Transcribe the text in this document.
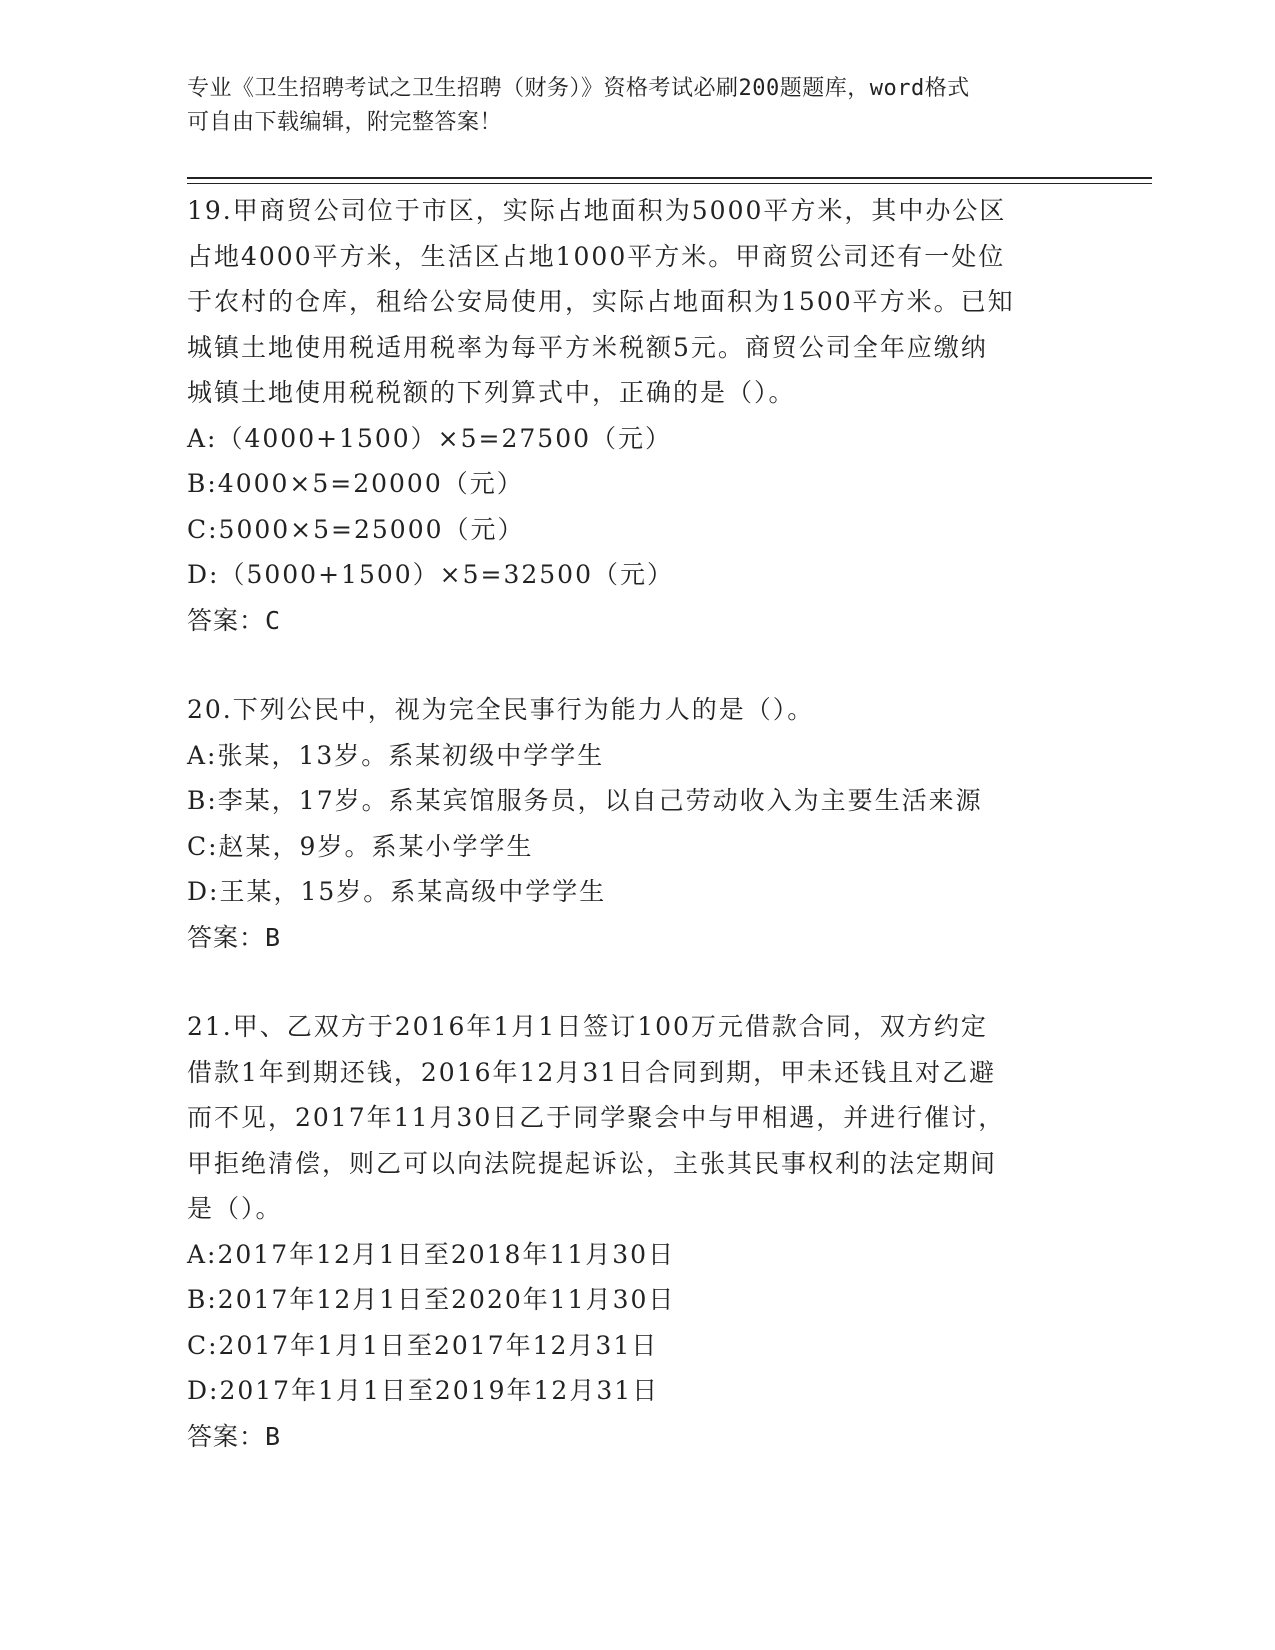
专业《卫生招聘考试之卫生招聘（财务）》资格考试必刷200题题库，word格式
可自由下载编辑，附完整答案！

19.甲商贸公司位于市区，实际占地面积为5000平方米，其中办公区

占地4000平方米，生活区占地1000平方米。甲商贸公司还有一处位

于农村的仓库，租给公安局使用，实际占地面积为1500平方米。已知

城镇土地使用税适用税率为每平方米税额5元。商贸公司全年应缴纳

城镇土地使用税税额的下列算式中，正确的是（）。

A:（4000+1500）×5=27500（元）

B:4000×5=20000（元）

C:5000×5=25000（元）

D:（5000+1500）×5=32500（元）

答案：C

20.下列公民中，视为完全民事行为能力人的是（）。

A:张某，13岁。系某初级中学学生

B:李某，17岁。系某宾馆服务员，以自己劳动收入为主要生活来源

C:赵某，9岁。系某小学学生

D:王某，15岁。系某高级中学学生

答案：B

21.甲、乙双方于2016年1月1日签订100万元借款合同，双方约定

借款1年到期还钱，2016年12月31日合同到期，甲未还钱且对乙避

而不见，2017年11月30日乙于同学聚会中与甲相遇，并进行催讨，

甲拒绝清偿，则乙可以向法院提起诉讼，主张其民事权利的法定期间

是（）。

A:2017年12月1日至2018年11月30日

B:2017年12月1日至2020年11月30日

C:2017年1月1日至2017年12月31日

D:2017年1月1日至2019年12月31日

答案：B
